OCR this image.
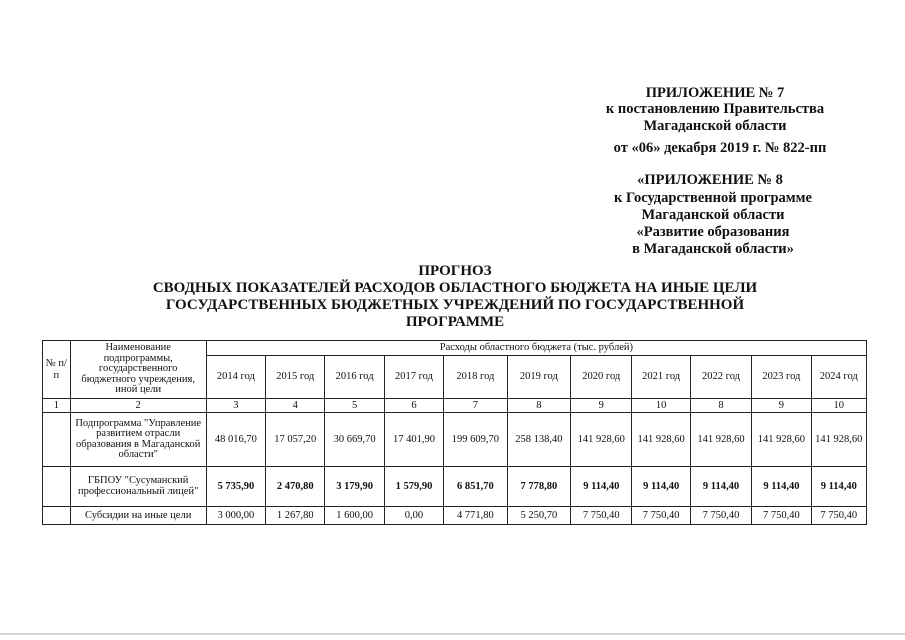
ПРИЛОЖЕНИЕ № 7
к постановлению Правительства
Магаданской области
от «06» декабря 2019 г. № 822-пп
«ПРИЛОЖЕНИЕ № 8
к Государственной программе
Магаданской области
«Развитие образования
в Магаданской области»
ПРОГНОЗ
СВОДНЫХ ПОКАЗАТЕЛЕЙ РАСХОДОВ ОБЛАСТНОГО БЮДЖЕТА НА ИНЫЕ ЦЕЛИ
ГОСУДАРСТВЕННЫХ БЮДЖЕТНЫХ УЧРЕЖДЕНИЙ ПО ГОСУДАРСТВЕННОЙ
ПРОГРАММЕ
№ п/п	Наименование подпрограммы, государственного бюджетного учреждения, иной цели	Расходы областного бюджета (тыс. рублей)										
		2014 год	2015 год	2016 год	2017 год	2018 год	2019 год	2020 год	2021 год	2022 год	2023 год	2024 год
1	2	3	4	5	6	7	8	9	10	8	9	10
	Подпрограмма "Управление развитием отрасли образования в Магаданской области"	48 016,70	17 057,20	30 669,70	17 401,90	199 609,70	258 138,40	141 928,60	141 928,60	141 928,60	141 928,60	141 928,60
	ГБПОУ "Сусуманский профессиональный лицей"	5 735,90	2 470,80	3 179,90	1 579,90	6 851,70	7 778,80	9 114,40	9 114,40	9 114,40	9 114,40	9 114,40
	Субсидии на иные цели	3 000,00	1 267,80	1 600,00	0,00	4 771,80	5 250,70	7 750,40	7 750,40	7 750,40	7 750,40	7 750,40
